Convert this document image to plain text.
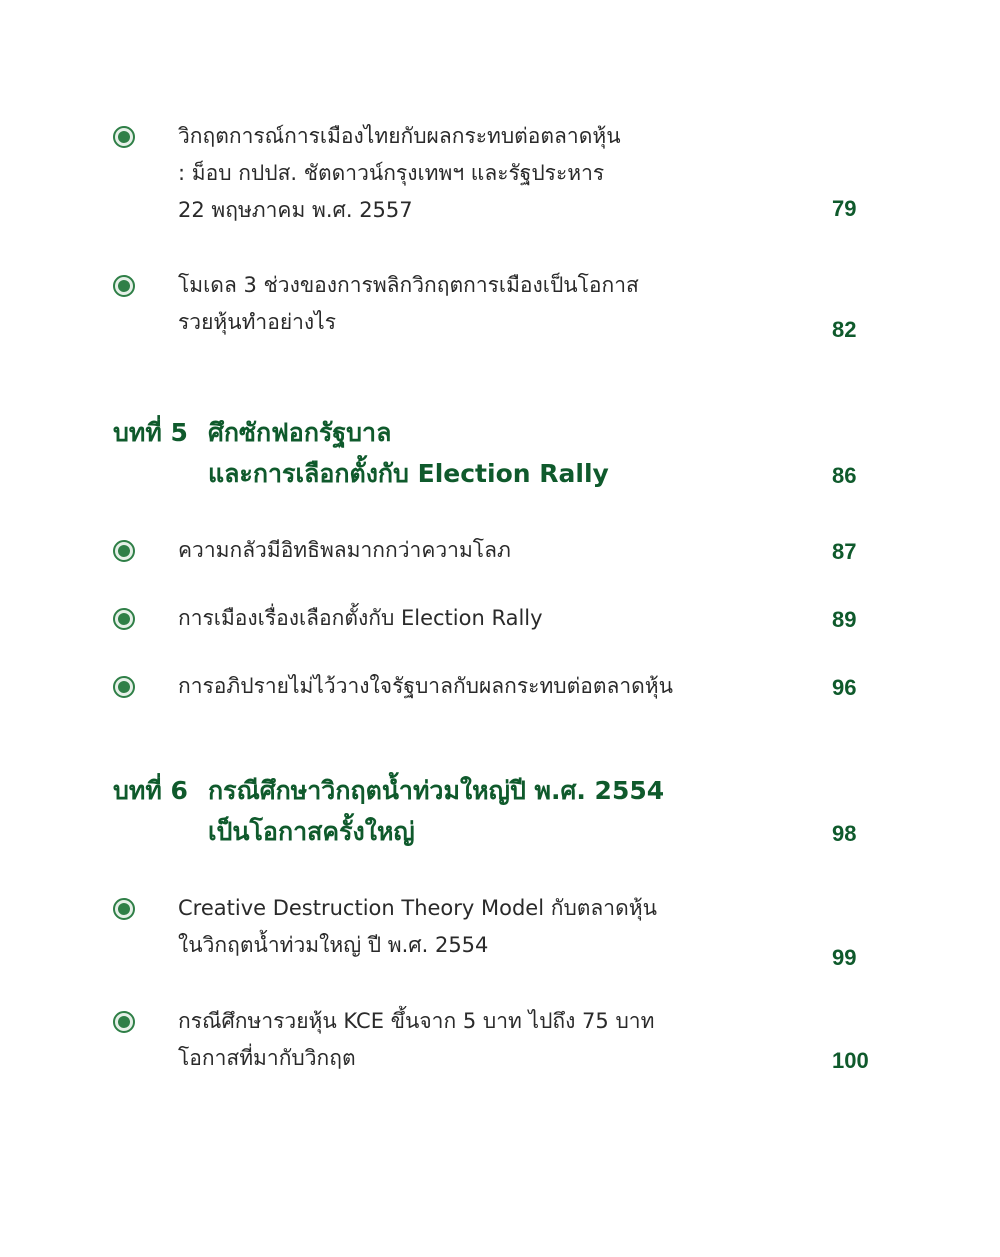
วิกฤตการณ์การเมืองไทยกับผลกระทบต่อตลาดหุ้น
: ม็อบ กปปส. ชัตดาวน์กรุงเทพฯ และรัฐประหาร
22 พฤษภาคม พ.ศ. 2557	79
โมเดล 3 ช่วงของการพลิกวิกฤตการเมืองเป็นโอกาส
รวยหุ้นทำอย่างไร	82
บทที่ 5 ศึกซักฟอกรัฐบาล
และการเลือกตั้งกับ Election Rally	86
ความกลัวมีอิทธิพลมากกว่าความโลภ	87
การเมืองเรื่องเลือกตั้งกับ Election Rally	89
การอภิปรายไม่ไว้วางใจรัฐบาลกับผลกระทบต่อตลาดหุ้น	96
บทที่ 6 กรณีศึกษาวิกฤตน้ำท่วมใหญ่ปี พ.ศ. 2554
เป็นโอกาสครั้งใหญ่	98
Creative Destruction Theory Model กับตลาดหุ้น
ในวิกฤตน้ำท่วมใหญ่ ปี พ.ศ. 2554	99
กรณีศึกษารวยหุ้น KCE ขึ้นจาก 5 บาท ไปถึง 75 บาท
โอกาสที่มากับวิกฤต	100
